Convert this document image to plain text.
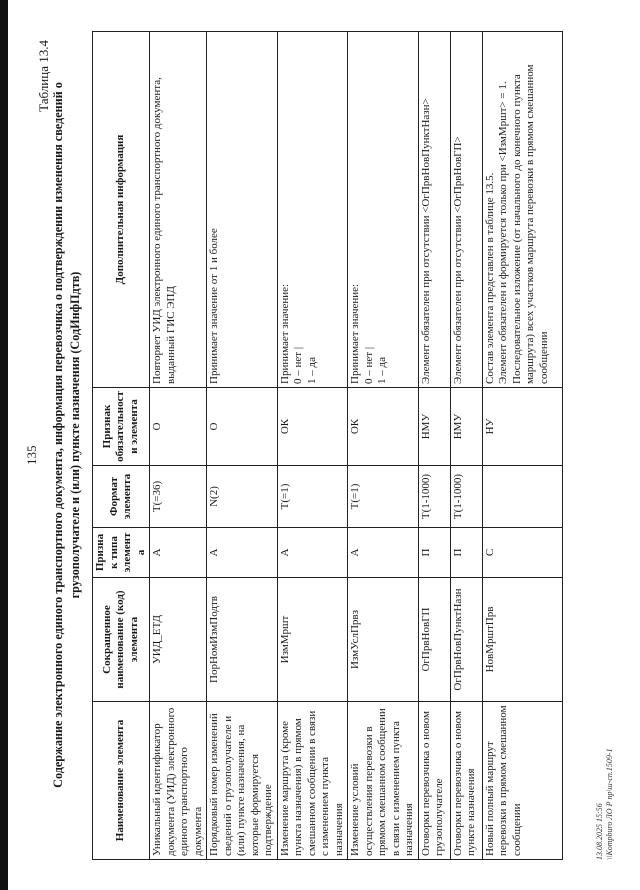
135
Таблица 13.4
Содержание электронного единого транспортного документа, информация перевозчика о подтверждении изменения сведений о грузополучателе и (или) пункте назначения (СодИнфПдтв)
Наименование элемента	Сокращенное наименование (код) элемента	Признак типа элемента	Формат элемента	Признак обязательности элемента	Дополнительная информация
Уникальный идентификатор документа (УИД) электронного единого транспортного документа	УИД_ЕТД	А	T(=36)	О	Повторяет УИД электронного единого транспортного документа, выданный ГИС ЭПД

Порядковый номер изменений сведений о грузополучателе и (или) пункте назначения, на которые формируется подтверждение	ПорНомИзмПодтв	А	N(2)	О	Принимает значение от 1 и более

Изменение маршрута (кроме пункта назначения) в прямом смешанном сообщении в связи с изменением пункта назначения	ИзмМршт	А	T(=1)	ОК	Принимает значение: 0 – нет | 1 – да

Изменение условий осуществления перевозки в прямом смешанном сообщении в связи с изменением пункта назначения	ИзмУслПрвз	А	T(=1)	ОК	Принимает значение: 0 – нет | 1 – да

Оговорки перевозчика о новом грузополучателе	ОгПрвНовГП	П	T(1-1000)	НМУ	Элемент обязателен при отсутствии <ОгПрвНовПунктНазн>

Оговорки перевозчика о новом пункте назначения	ОгПрвНовПунктНазн	П	T(1-1000)	НМУ	Элемент обязателен при отсутствии <ОгПрвНовГП>

Новый полный маршрут перевозки в прямом смешанном сообщении	НовМрштПрв	С		НУ	Состав элемента представлен в таблице 13.5. Элемент обязателен и формируется только при <ИзмМршт> = 1. Последовательное изложение (от начального до конечного пункта маршрута) всех участков маршрута перевозки в прямом смешанном сообщении
13.08.2025 15:56 \\Kompburo ЛО Р пр\ш-сп.1509-1
